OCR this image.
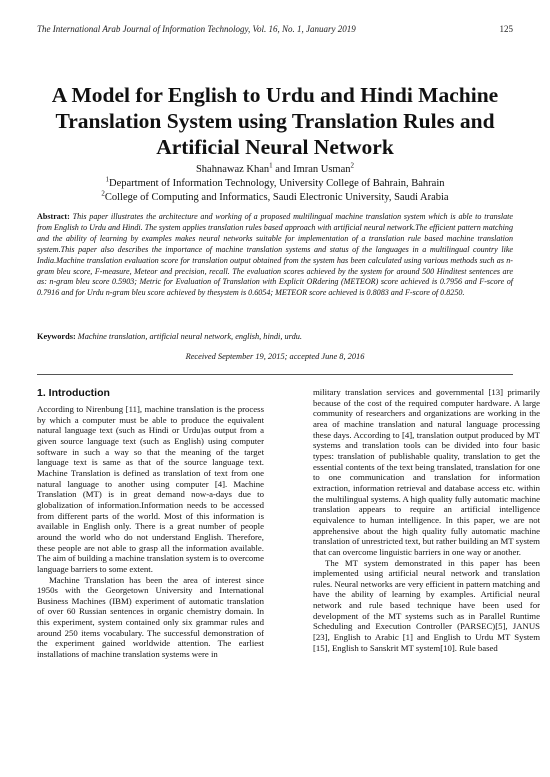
The International Arab Journal of Information Technology, Vol. 16, No. 1, January 2019	125
A Model for English to Urdu and Hindi Machine
Translation System using Translation Rules and
Artificial Neural Network
Shahnawaz Khan$^1$ and Imran Usman$^2$
$^1$Department of Information Technology, University College of Bahrain, Bahrain
$^2$College of Computing and Informatics, Saudi Electronic University, Saudi Arabia
Abstract: This paper illustrates the architecture and working of a proposed multilingual machine translation system which is able to translate from English to Urdu and Hindi. The system applies translation rules based approach with artificial neural network.The efficient pattern matching and the ability of learning by examples makes neural networks suitable for implementation of a translation rule based machine translation system.This paper also describes the importance of machine translation systems and status of the languages in a multilingual country like India.Machine translation evaluation score for translation output obtained from the system has been calculated using various methods such as n-gram bleu score, F-measure, Meteor and precision, recall. The evaluation scores achieved by the system for around 500 Hinditest sentences are as: n-gram bleu score 0.5903; Metric for Evaluation of Translation with Explicit ORdering (METEOR) score achieved is 0.7956 and F-score of 0.7916 and for Urdu n-gram bleu score achieved by thesystem is 0.6054; METEOR score achieved is 0.8083 and F-score of 0.8250.
Keywords: Machine translation, artificial neural network, english, hindi, urdu.
Received September 19, 2015; accepted June 8, 2016
1. Introduction

According to Nirenbung [11], machine translation is the process by which a computer must be able to produce the equivalent natural language text (such as Hindi or Urdu)as output from a given source language text (such as English) using computer software in such a way so that the meaning of the target language text is same as that of the source language text. Machine Translation is defined as translation of text from one natural language to another using computer [4]. Machine Translation (MT) is in great demand now-a-days due to globalization of information.Information needs to be accessed from different parts of the world. Most of this information is available in English only. There is a great number of people around the world who do not understand English. Therefore, these people are not able to grasp all the information available. The aim of building a machine translation system is to overcome language barriers to some extent.

Machine Translation has been the area of interest since 1950s with the Georgetown University and International Business Machines (IBM) experiment of automatic translation of over 60 Russian sentences in organic chemistry domain. In this experiment, system contained only six grammar rules and around 250 items vocabulary. The successful demonstration of the experiment gained worldwide attention. The earliest installations of machine translation systems were in

military translation services and governmental [13] primarily because of the cost of the required computer hardware. A large community of researchers and organizations are working in the area of machine translation and natural language processing these days. According to [4], translation output produced by MT systems and translation tools can be divided into four basic types: translation of publishable quality, translation to get the essential contents of the text being translated, translation for one to one communication and translation for information extraction, information retrieval and database access etc. within the multilingual systems. A high quality fully automatic machine translation appears to require an artificial intelligence equivalence to human intelligence. In this paper, we are not apprehensive about the high quality fully automatic machine translation of unrestricted text, but rather building an MT system that can overcome linguistic barriers in one way or another.

The MT system demonstrated in this paper has been implemented using artificial neural network and translation rules. Neural networks are very efficient in pattern matching and have the ability of learning by examples. Artificial neural network and rule based technique have been used for development of the MT systems such as in Parallel Runtime Scheduling and Execution Controller (PARSEC)[5], JANUS [23], English to Arabic [1] and English to Urdu MT System [15], English to Sanskrit MT system[10]. Rule based
